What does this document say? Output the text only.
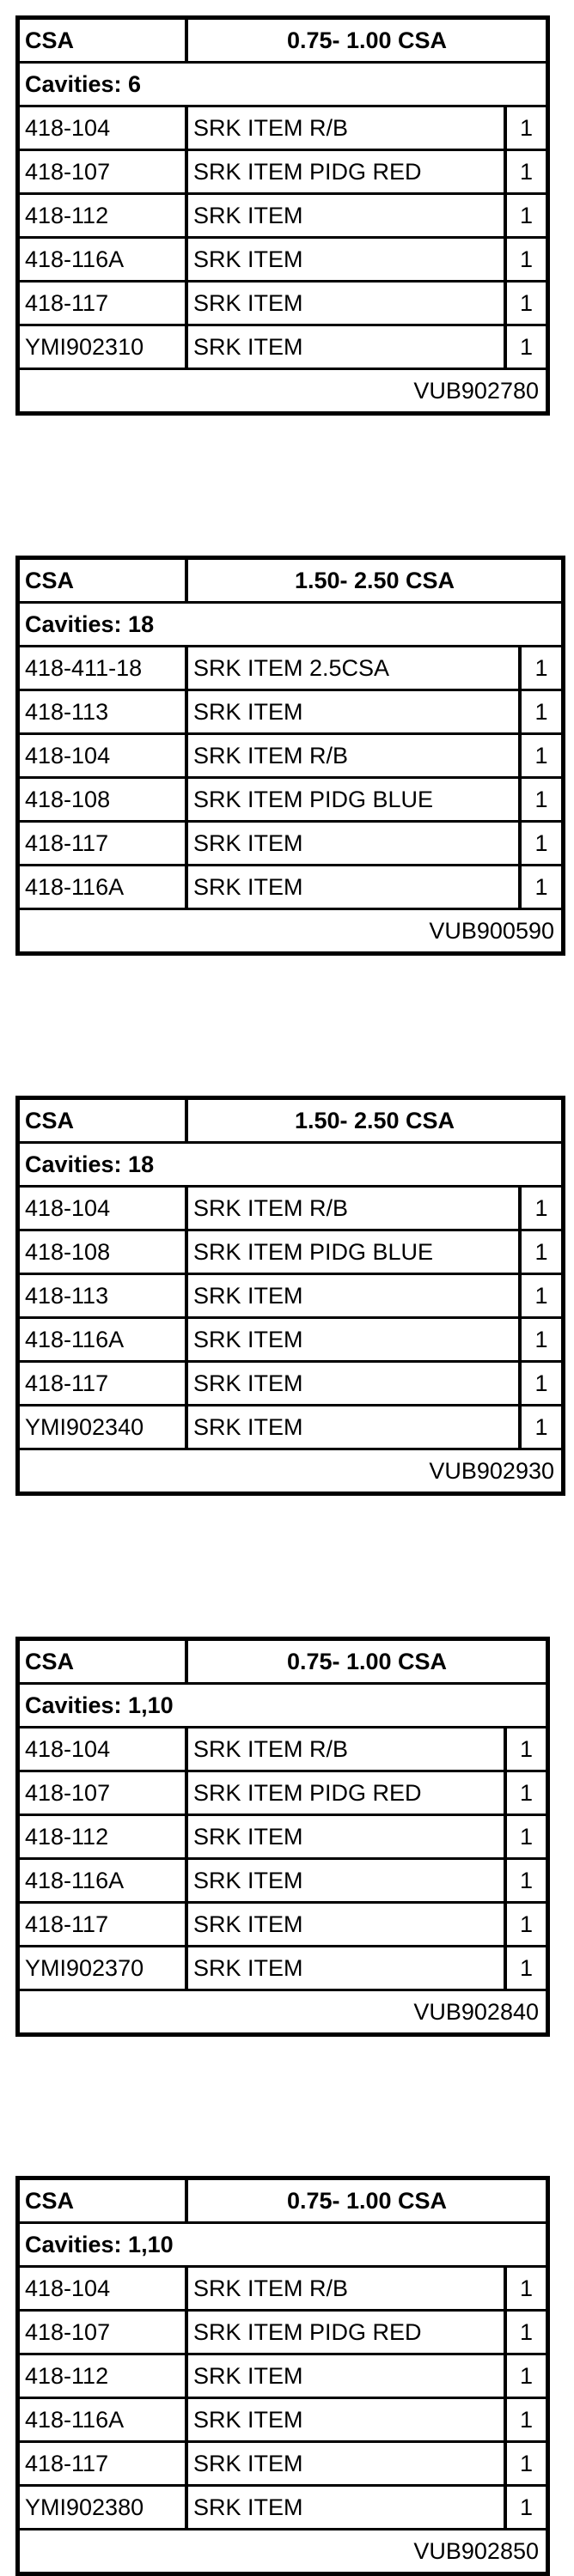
CSA	0.75- 1.00 CSA
Cavities: 6
418-104	SRK ITEM R/B	1
418-107	SRK ITEM PIDG RED	1
418-112	SRK ITEM	1
418-116A	SRK ITEM	1
418-117	SRK ITEM	1
YMI902310	SRK ITEM	1
VUB902780
CSA	1.50- 2.50 CSA
Cavities: 18
418-411-18	SRK ITEM 2.5CSA	1
418-113	SRK ITEM	1
418-104	SRK ITEM R/B	1
418-108	SRK ITEM PIDG BLUE	1
418-117	SRK ITEM	1
418-116A	SRK ITEM	1
VUB900590
CSA	1.50- 2.50 CSA
Cavities: 18
418-104	SRK ITEM R/B	1
418-108	SRK ITEM PIDG BLUE	1
418-113	SRK ITEM	1
418-116A	SRK ITEM	1
418-117	SRK ITEM	1
YMI902340	SRK ITEM	1
VUB902930
CSA	0.75- 1.00 CSA
Cavities: 1,10
418-104	SRK ITEM R/B	1
418-107	SRK ITEM PIDG RED	1
418-112	SRK ITEM	1
418-116A	SRK ITEM	1
418-117	SRK ITEM	1
YMI902370	SRK ITEM	1
VUB902840
CSA	0.75- 1.00 CSA
Cavities: 1,10
418-104	SRK ITEM R/B	1
418-107	SRK ITEM PIDG RED	1
418-112	SRK ITEM	1
418-116A	SRK ITEM	1
418-117	SRK ITEM	1
YMI902380	SRK ITEM	1
VUB902850
